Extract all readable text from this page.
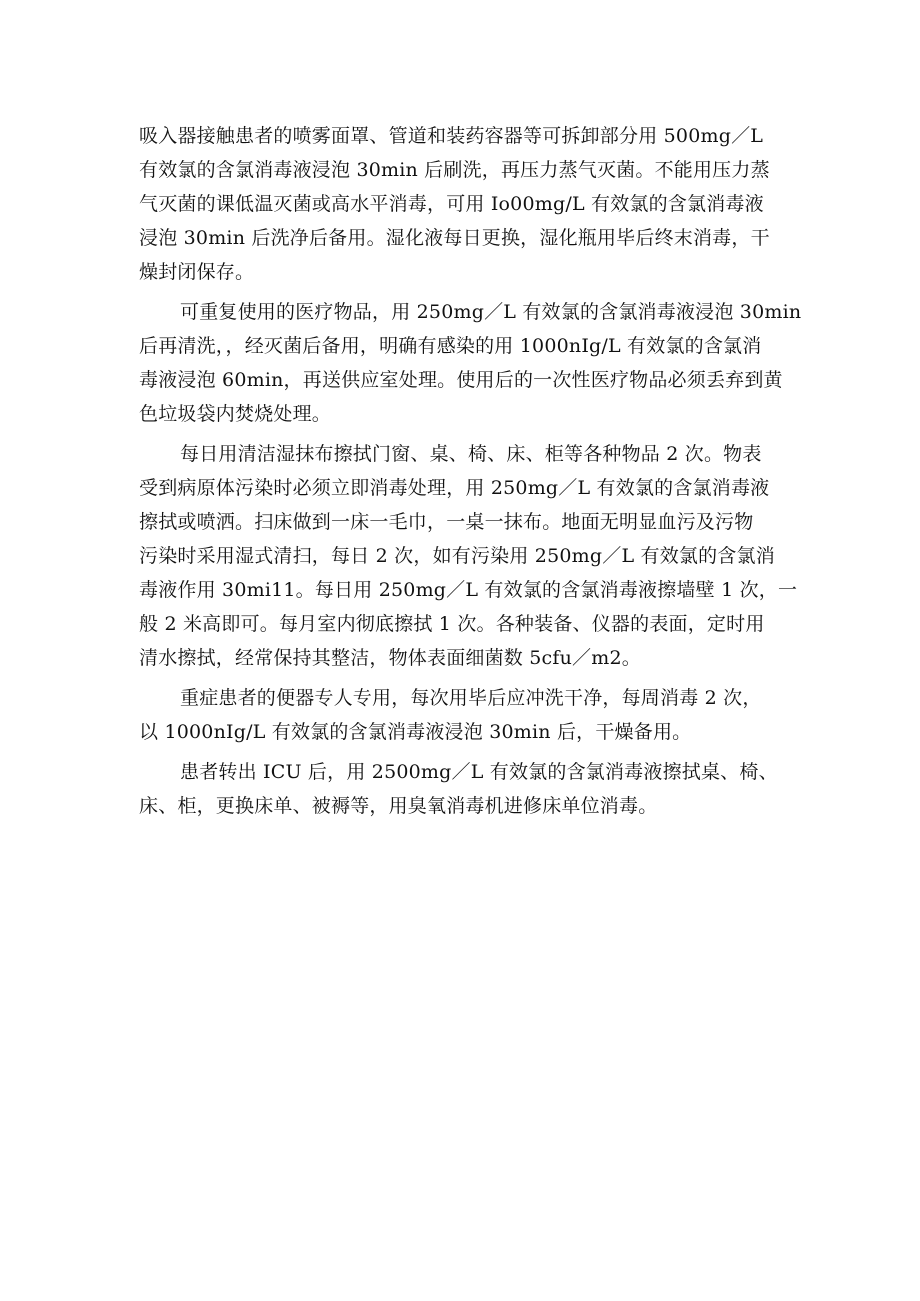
吸入器接触患者的喷雾面罩、管道和装药容器等可拆卸部分用 500mg／L
有效氯的含氯消毒液浸泡 30min 后刷洗，再压力蒸气灭菌。不能用压力蒸
气灭菌的课低温灭菌或高水平消毒，可用 Io00mg/L 有效氯的含氯消毒液
浸泡 30min 后洗净后备用。湿化液每日更换，湿化瓶用毕后终末消毒，干
燥封闭保存。
可重复使用的医疗物品，用 250mg／L 有效氯的含氯消毒液浸泡 30min
后再清洗，，经灭菌后备用，明确有感染的用 1000nIg/L 有效氯的含氯消
毒液浸泡 60min，再送供应室处理。使用后的一次性医疗物品必须丢弃到黄
色垃圾袋内焚烧处理。
每日用清洁湿抹布擦拭门窗、桌、椅、床、柜等各种物品 2 次。物表
受到病原体污染时必须立即消毒处理，用 250mg／L 有效氯的含氯消毒液
擦拭或喷洒。扫床做到一床一毛巾，一桌一抹布。地面无明显血污及污物
污染时采用湿式清扫，每日 2 次，如有污染用 250mg／L 有效氯的含氯消
毒液作用 30mi11。每日用 250mg／L 有效氯的含氯消毒液擦墙壁 1 次，一
般 2 米高即可。每月室内彻底擦拭 1 次。各种装备、仪器的表面，定时用
清水擦拭，经常保持其整洁，物体表面细菌数 5cfu／m2。
重症患者的便器专人专用，每次用毕后应冲洗干净，每周消毒 2 次，
以 1000nIg/L 有效氯的含氯消毒液浸泡 30min 后，干燥备用。
患者转出 ICU 后，用 2500mg／L 有效氯的含氯消毒液擦拭桌、椅、
床、柜，更换床单、被褥等，用臭氧消毒机进修床单位消毒。
